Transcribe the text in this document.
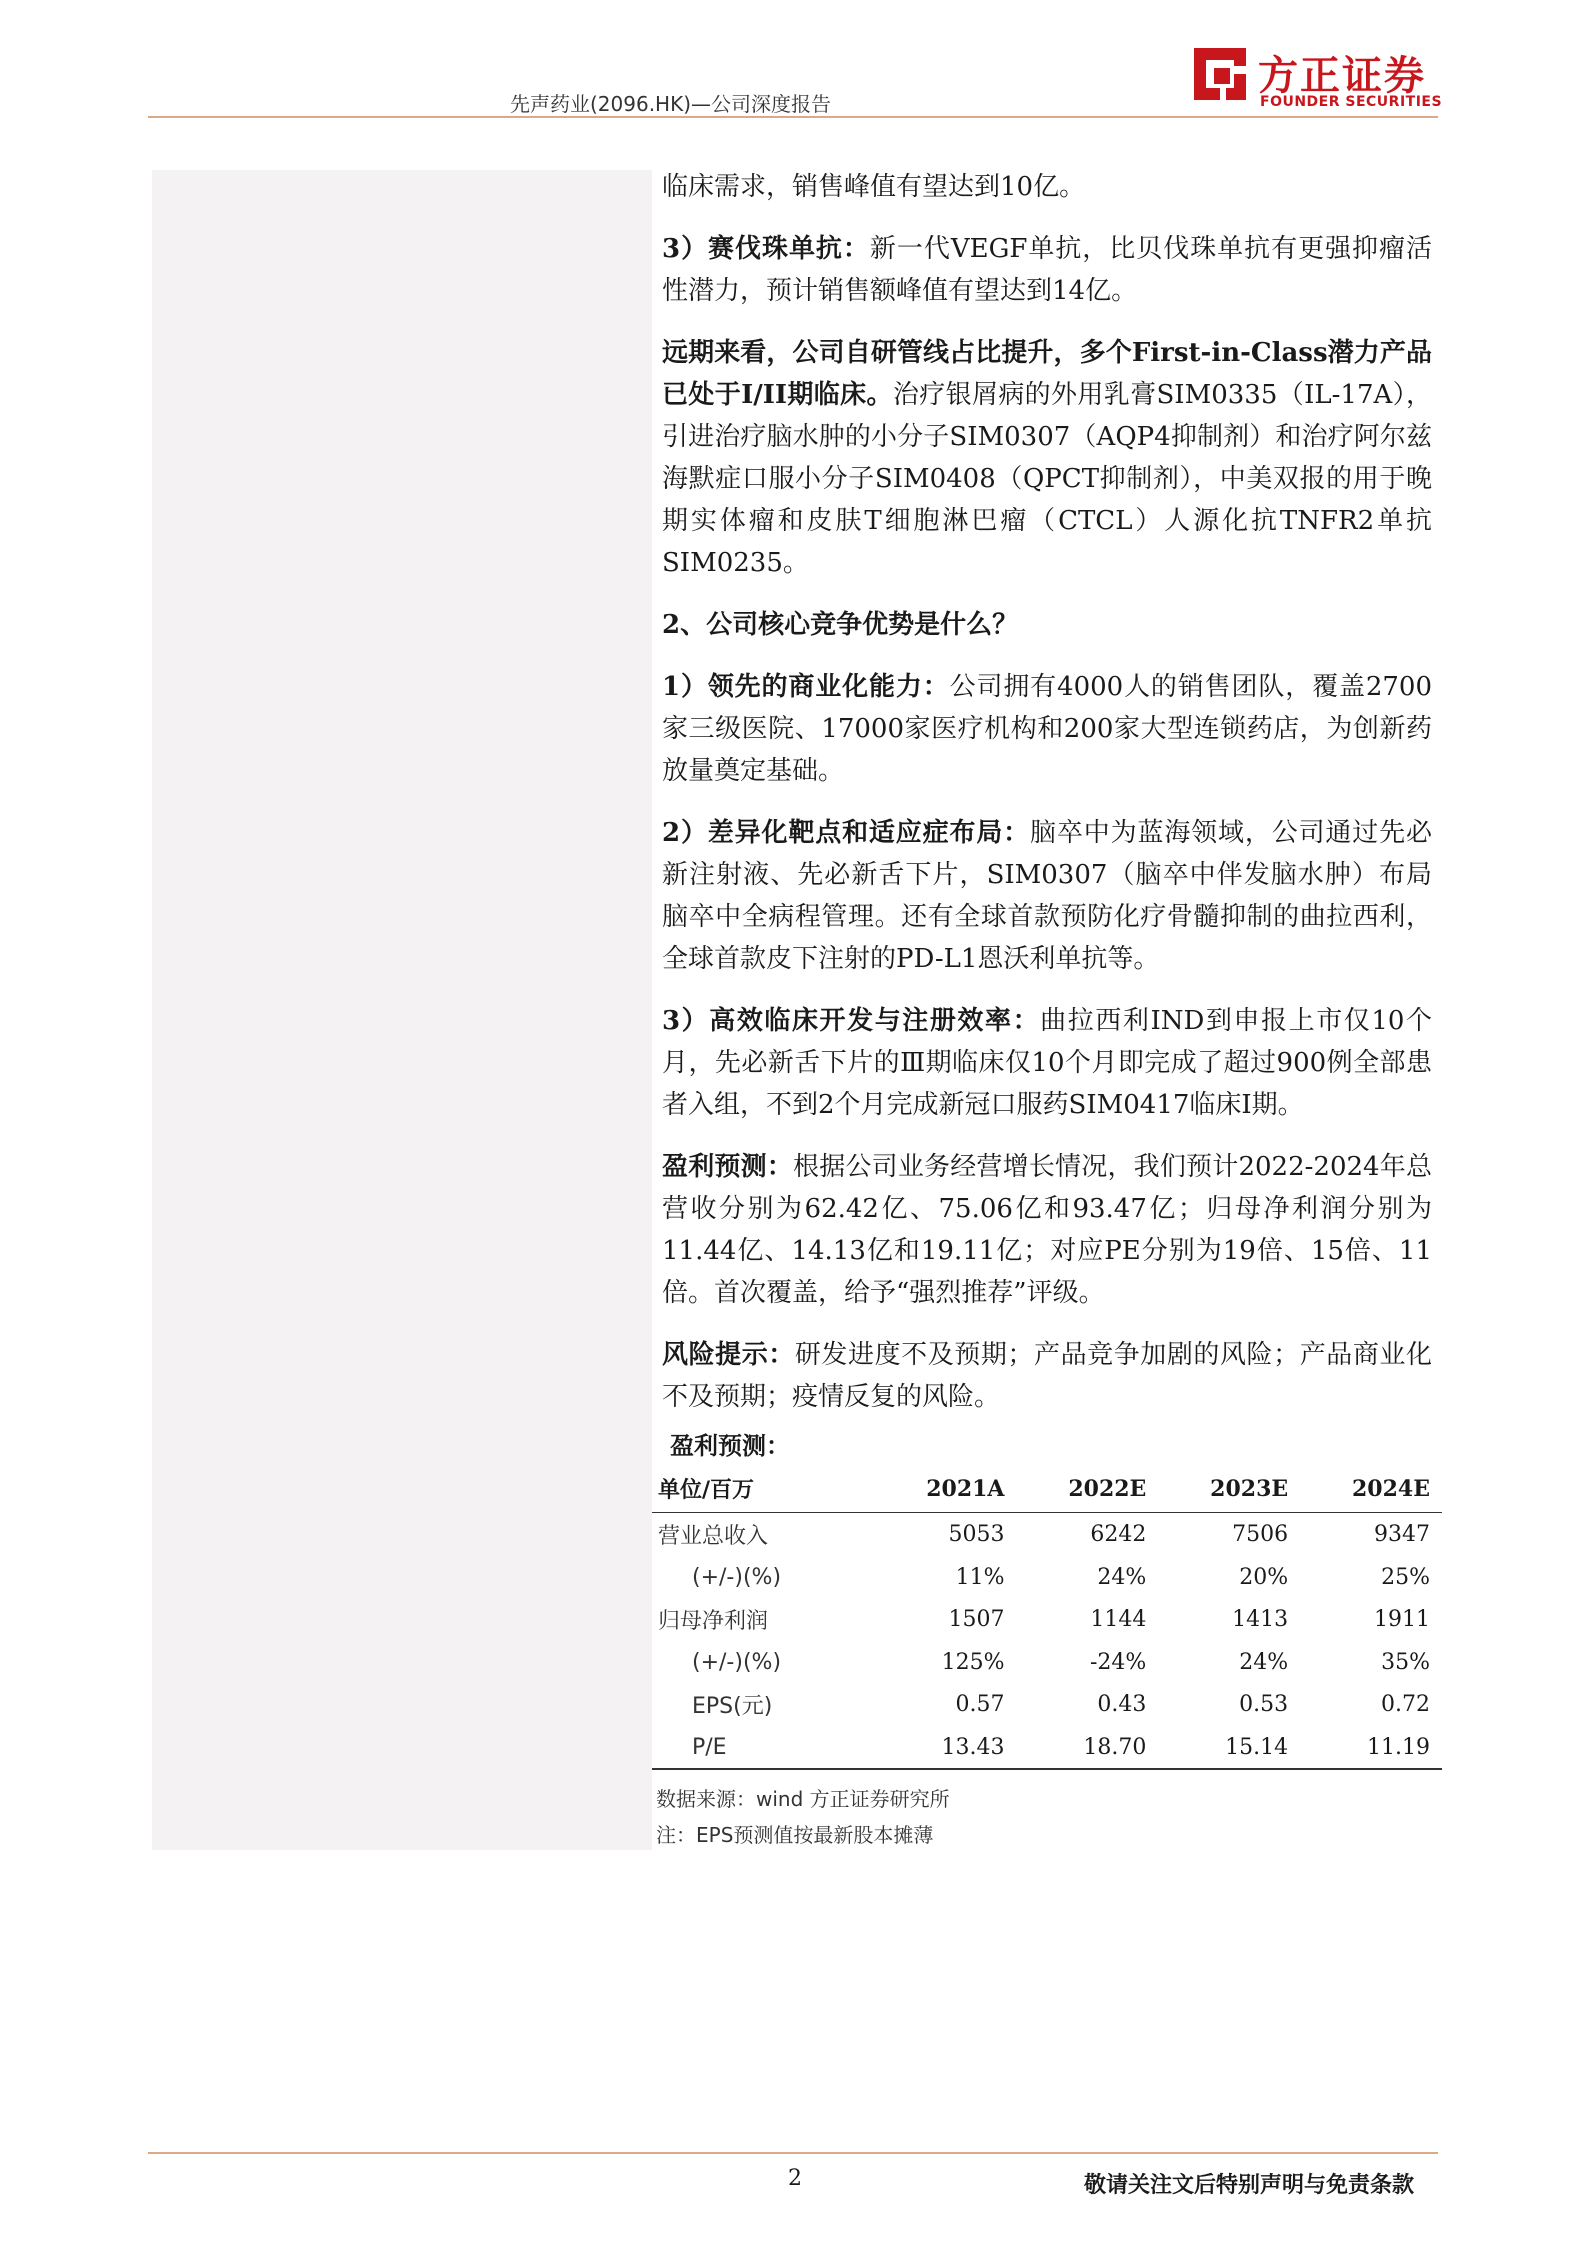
先声药业(2096.HK)—公司深度报告
方正证券
FOUNDER SECURITIES

临床需求，销售峰值有望达到10亿。

3）赛伐珠单抗：新一代VEGF单抗，比贝伐珠单抗有更强抑瘤活性潜力，预计销售额峰值有望达到14亿。

远期来看，公司自研管线占比提升，多个First-in-Class潜力产品已处于I/II期临床。治疗银屑病的外用乳膏SIM0335（IL-17A），引进治疗脑水肿的小分子SIM0307（AQP4抑制剂）和治疗阿尔兹海默症口服小分子SIM0408（QPCT抑制剂），中美双报的用于晚期实体瘤和皮肤T细胞淋巴瘤（CTCL）人源化抗TNFR2单抗SIM0235。

2、公司核心竞争优势是什么？

1）领先的商业化能力：公司拥有4000人的销售团队，覆盖2700家三级医院、17000家医疗机构和200家大型连锁药店，为创新药放量奠定基础。

2）差异化靶点和适应症布局：脑卒中为蓝海领域，公司通过先必新注射液、先必新舌下片，SIM0307（脑卒中伴发脑水肿）布局脑卒中全病程管理。还有全球首款预防化疗骨髓抑制的曲拉西利，全球首款皮下注射的PD-L1恩沃利单抗等。

3）高效临床开发与注册效率：曲拉西利IND到申报上市仅10个月，先必新舌下片的Ⅲ期临床仅10个月即完成了超过900例全部患者入组，不到2个月完成新冠口服药SIM0417临床I期。

盈利预测：根据公司业务经营增长情况，我们预计2022-2024年总营收分别为62.42亿、75.06亿和93.47亿；归母净利润分别为11.44亿、14.13亿和19.11亿；对应PE分别为19倍、15倍、11倍。首次覆盖，给予“强烈推荐”评级。

风险提示：研发进度不及预期；产品竞争加剧的风险；产品商业化不及预期；疫情反复的风险。

盈利预测：
单位/百万	2021A	2022E	2023E	2024E
营业总收入	5053	6242	7506	9347
(+/-)(%)	11%	24%	20%	25%
归母净利润	1507	1144	1413	1911
(+/-)(%)	125%	-24%	24%	35%
EPS(元)	0.57	0.43	0.53	0.72
P/E	13.43	18.70	15.14	11.19
数据来源：wind 方正证券研究所
注：EPS预测值按最新股本摊薄
2	敬请关注文后特别声明与免责条款
